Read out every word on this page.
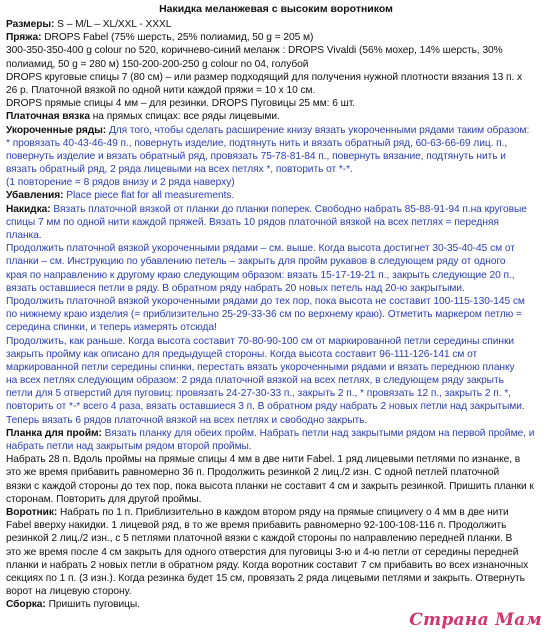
Накидка меланжевая с высоким воротником
Размеры: S – M/L – XL/XXL - XXXL
Пряжа: DROPS Fabel (75% шерсть, 25% полиамид, 50 g = 205 м)
300-350-350-400 g colour no 520, коричнево-синий меланж : DROPS Vivaldi (56% мохер, 14% шерсть, 30%
полиамид, 50 g = 280 м) 150-200-200-250 g colour no 04, голубой
DROPS круговые спицы 7 (80 см) – или размер подходящий для получения нужной плотности вязания 13 п. х
26 р. Платочной вязкой по одной нити каждой пряжи = 10 х 10 см.
DROPS прямые спицы 4 мм – для резинки. DROPS Пуговицы 25 мм: 6 шт.
Платочная вязка на прямых спицах: все ряды лицевыми.
Укороченные ряды: Для того, чтобы сделать расширение книзу вязать укороченными рядами таким образом:
* провязать 40-43-46-49 п., повернуть изделие, подтянуть нить и вязать обратный ряд, 60-63-66-69 лиц. п.,
повернуть изделие и вязать обратный ряд, провязать 75-78-81-84 п., повернуть вязание, подтянуть нить и
вязать обратный ряд, 2 ряда лицевыми на всех петлях *, повторить от *-*.
(1 повторение = 8 рядов внизу и 2 ряда наверху)
Убавления: Place piece flat for all measurements.
Накидка: Вязать платочной вязкой от планки до планки поперек. Свободно набрать 85-88-91-94 п.на круговые
спицы 7 мм по одной нити каждой пряжей. Вязать 10 рядов платочной вязкой на всех петлях = передняя
планка.
Продолжить платочной вязкой укороченными рядами – см. выше. Когда высота достигнет 30-35-40-45 см от
планки – см. Инструкцию по убавлению петель – закрыть для пройм рукавов в следующем ряду от одного
края по направлению к другому краю следующим образом: вязать 15-17-19-21 п., закрыть следующие 20 п.,
вязать оставшиеся петли в ряду. В обратном ряду набрать 20 новых петель над 20-ю закрытыми.
Продолжить платочной вязкой укороченными рядами до тех пор, пока высота не составит 100-115-130-145 см
по нижнему краю изделия (= приблизительно 25-29-33-36 см по верхнему краю). Отметить маркером петлю =
середина спинки, и теперь измерять отсюда!
Продолжить, как раньше. Когда высота составит 70-80-90-100 см от маркированной петли середины спинки
закрыть пройму как описано для предыдущей стороны. Когда высота составит 96-111-126-141 см от
маркированной петли середины спинки, перестать вязать укороченными рядами и вязать переднюю планку
на всех петлях следующим образом: 2 ряда платочной вязкой на всех петлях, в следующем ряду закрыть
петли для 5 отверстий для пуговиц: провязать 24-27-30-33 п., закрыть 2 п., * провязать 12 п., закрыть 2 п. *,
повторить от *-* всего 4 раза, вязать оставшиеся 3 п. В обратном ряду набрать 2 новых петли над закрытыми.
Теперь вязать 6 рядов платочной вязкой на всех петлях и свободно закрыть.
Планка для пройм: Вязать планку для обеих пройм. Набрать петли над закрытыми рядом на первой пройме, и
набрать петли над закрытым рядом второй проймы.
Набрать 28 п. Вдоль проймы на прямые спицы 4 мм в две нити Fabel. 1 ряд лицевыми петлями по изнанке, в
это же время прибавить равномерно 36 п. Продолжить резинкой 2 лиц./2 изн. С одной петлей платочной
вязки с каждой стороны до тех пор, пока высота планки не составит 4 см и закрыть резинкой. Пришить планки к
сторонам. Повторить для другой проймы.
Воротник: Набрать по 1 п. Приблизительно в каждом втором ряду на прямые спициvery о 4 мм в две нити
Fabel вверху накидки. 1 лицевой ряд, в то же время прибавить равномерно 92-100-108-116 п. Продолжить
резинкой 2 лиц./2 изн., с 5 петлями платочной вязки с каждой стороны по направлению передней планки. В
это же время после 4 см закрыть для одного отверстия для пуговицы 3-ю и 4-ю петли от середины передней
планки и набрать 2 новых петли в обратном ряду. Когда воротник составит 7 см прибавить во всех изнаночных
секциях по 1 п. (3 изн.). Когда резинка будет 15 см, провязать 2 ряда лицевыми петлями и закрыть. Отвернуть
ворот на лицевую сторону.
Сборка: Пришить пуговицы.
Страна Мам
